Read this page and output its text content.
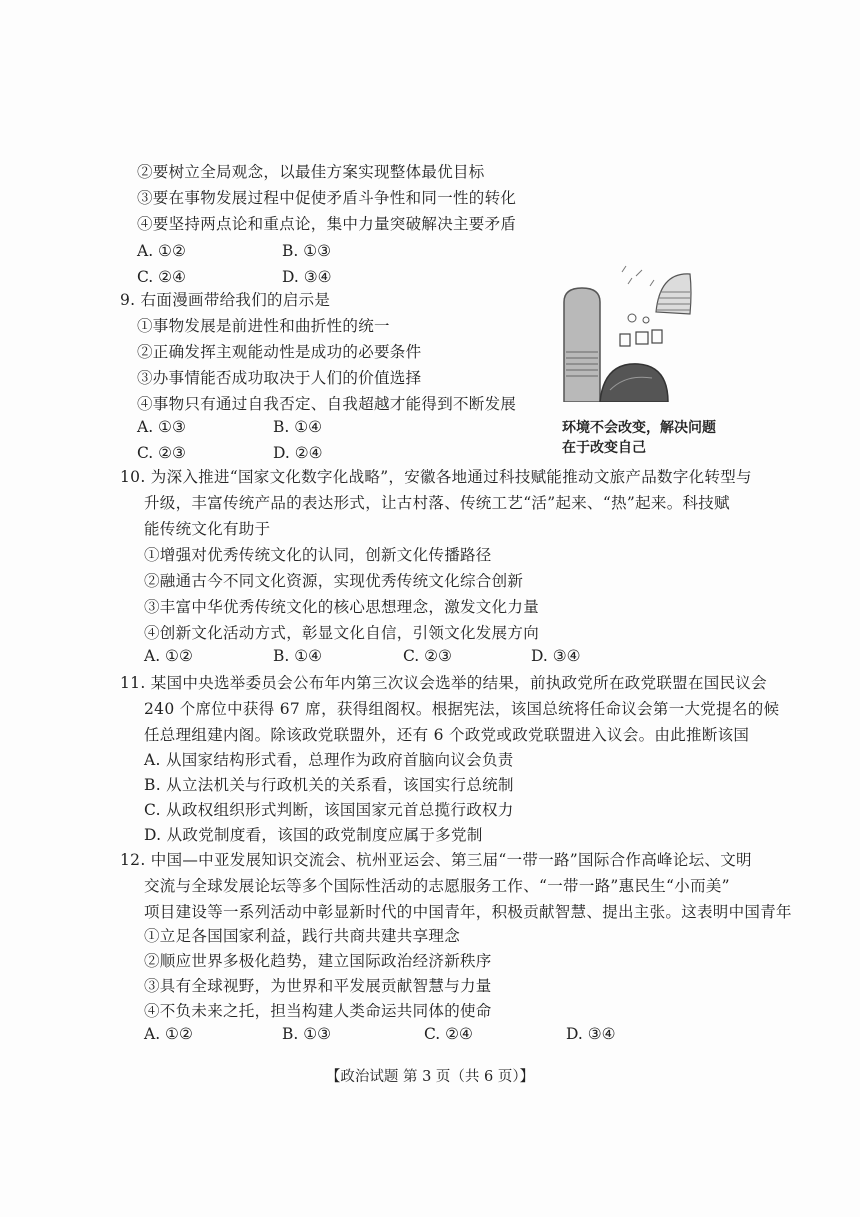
②要树立全局观念，以最佳方案实现整体最优目标
③要在事物发展过程中促使矛盾斗争性和同一性的转化
④要坚持两点论和重点论，集中力量突破解决主要矛盾
A. ①②	B. ①③
C. ②④	D. ③④
9. 右面漫画带给我们的启示是
①事物发展是前进性和曲折性的统一
②正确发挥主观能动性是成功的必要条件
③办事情能否成功取决于人们的价值选择
④事物只有通过自我否定、自我超越才能得到不断发展
A. ①③	B. ①④
C. ②③	D. ②④
环境不会改变，解决问题
在于改变自己
10. 为深入推进“国家文化数字化战略”，安徽各地通过科技赋能推动文旅产品数字化转型与
升级，丰富传统产品的表达形式，让古村落、传统工艺“活”起来、“热”起来。科技赋
能传统文化有助于
①增强对优秀传统文化的认同，创新文化传播路径
②融通古今不同文化资源，实现优秀传统文化综合创新
③丰富中华优秀传统文化的核心思想理念，激发文化力量
④创新文化活动方式，彰显文化自信，引领文化发展方向
A. ①②	B. ①④	C. ②③	D. ③④
11. 某国中央选举委员会公布年内第三次议会选举的结果，前执政党所在政党联盟在国民议会
240 个席位中获得 67 席，获得组阁权。根据宪法，该国总统将任命议会第一大党提名的候
任总理组建内阁。除该政党联盟外，还有 6 个政党或政党联盟进入议会。由此推断该国
A. 从国家结构形式看，总理作为政府首脑向议会负责
B. 从立法机关与行政机关的关系看，该国实行总统制
C. 从政权组织形式判断，该国国家元首总揽行政权力
D. 从政党制度看，该国的政党制度应属于多党制
12. 中国—中亚发展知识交流会、杭州亚运会、第三届“一带一路”国际合作高峰论坛、文明
交流与全球发展论坛等多个国际性活动的志愿服务工作、“一带一路”惠民生“小而美”
项目建设等一系列活动中彰显新时代的中国青年，积极贡献智慧、提出主张。这表明中国青年
①立足各国国家利益，践行共商共建共享理念
②顺应世界多极化趋势，建立国际政治经济新秩序
③具有全球视野，为世界和平发展贡献智慧与力量
④不负未来之托，担当构建人类命运共同体的使命
A. ①②	B. ①③	C. ②④	D. ③④
【政治试题 第 3 页（共 6 页）】
